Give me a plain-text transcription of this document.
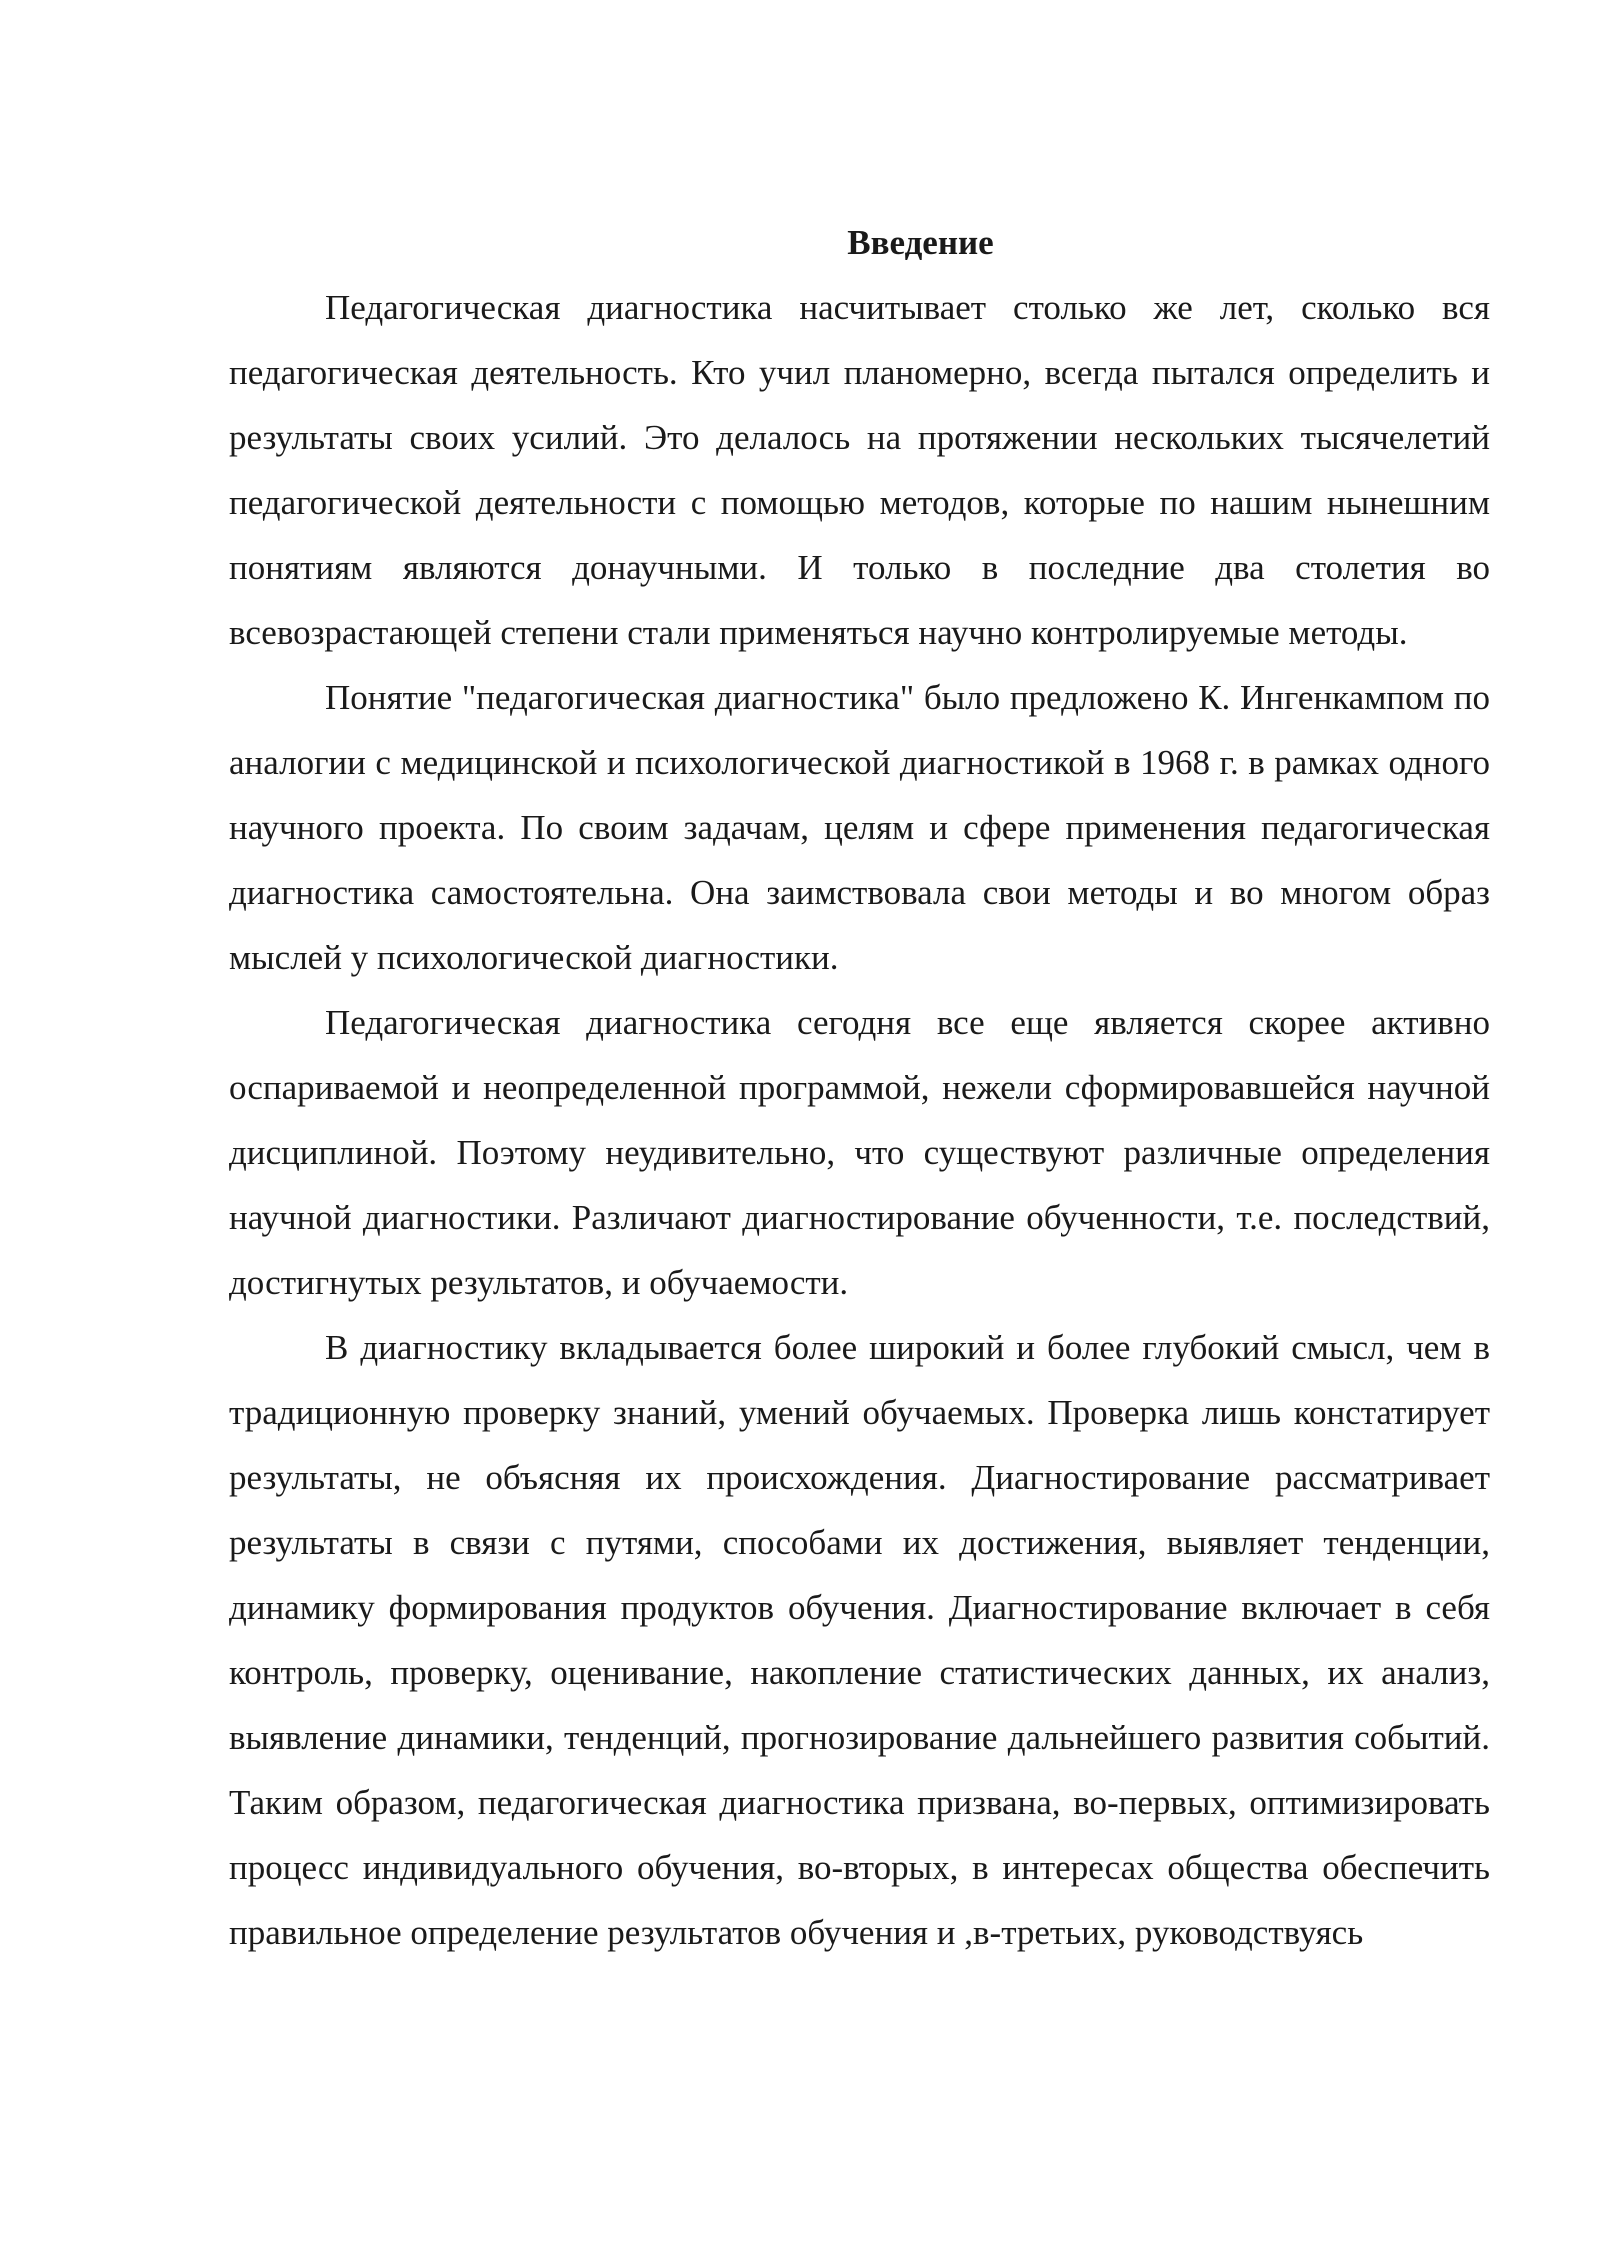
Введение

Педагогическая диагностика насчитывает столько же лет, сколько вся педагогическая деятельность. Кто учил планомерно, всегда пытался определить и результаты своих усилий. Это делалось на протяжении нескольких тысячелетий педагогической деятельности с помощью методов, которые по нашим нынешним понятиям являются донаучными. И только в последние два столетия во всевозрастающей степени стали применяться научно контролируемые методы.

Понятие "педагогическая диагностика" было предложено К. Ингенкампом по аналогии с медицинской и психологической диагностикой в 1968 г. в рамках одного научного проекта. По своим задачам, целям и сфере применения педагогическая диагностика самостоятельна. Она заимствовала свои методы и во многом образ мыслей у психологической диагностики.

Педагогическая диагностика сегодня все еще является скорее активно оспариваемой и неопределенной программой, нежели сформировавшейся научной дисциплиной. Поэтому неудивительно, что существуют различные определения научной диагностики. Различают диагностирование обученности, т.е. последствий, достигнутых результатов, и обучаемости.

В диагностику вкладывается более широкий и более глубокий смысл, чем в традиционную проверку знаний, умений обучаемых. Проверка лишь констатирует результаты, не объясняя их происхождения. Диагностирование рассматривает результаты в связи с путями, способами их достижения, выявляет тенденции, динамику формирования продуктов обучения. Диагностирование включает в себя контроль, проверку, оценивание, накопление статистических данных, их анализ, выявление динамики, тенденций, прогнозирование дальнейшего развития событий. Таким образом, педагогическая диагностика призвана, во-первых, оптимизировать процесс индивидуального обучения, во-вторых, в интересах общества обеспечить правильное определение результатов обучения и ,в-третьих, руководствуясь
